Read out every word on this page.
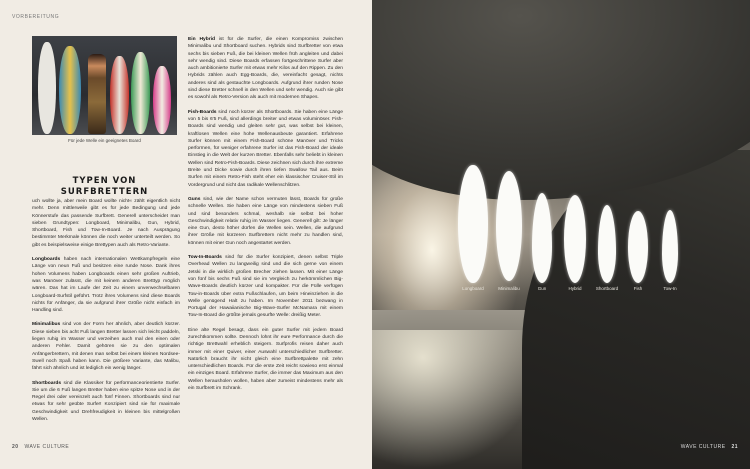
VORBEREITUNG
Für jede Welle ein geeignetes Board
TYPEN VON
SURFBRETTERN

uch wollte ja, aber mein Board wollte nicht« zählt eigentlich nicht mehr. Denn mittlerweile gibt es für jede Bedingung und jede Könnerstufe das passende Surfbrett. Generell unterscheidet man sieben Grundtypen: Longboard, Minimalibu, Gun, Hybrid, Shortboard, Fish und Tow-In-Board. Je nach Ausprägung bestimmter Merkmale können die noch weiter unterteilt werden. So gibt es beispielsweise einige Brettypen auch als Retro-Variante.

Longboards haben nach internationalen Wettkampfregeln eine Länge von neun Fuß und besitzen eine runde Nose. Dank ihres hohen Volumens haben Longboards einen sehr großen Auftrieb, was Manöver zulässt, die mit keinem anderen Bretttyp möglich wären. Das hat im Laufe der Zeit zu einem unverwechselbaren Longboard-Surfstil geführt. Trotz ihres Volumens sind diese Boards nichts für Anfänger, da sie aufgrund ihrer Größe nicht einfach im Handling sind.

Minimalibus sind von der Form her ähnlich, aber deutlich kürzer. Diese sieben bis acht Fuß langen Bretter lassen sich leicht paddeln, liegen ruhig im Wasser und verzeihen auch mal den einen oder anderen Fehler. Damit gehören sie zu den optimalen Anfängerbrettern, mit denen man selbst bei einem kleinen Nordsee-Swell noch Spaß haben kann. Die größere Variante, das Malibu, fährt sich ähnlich und ist lediglich ein wenig länger.

Shortboards sind die Klassiker für performanceorientierte Surfer. Sie um die 6 Fuß langen Bretter haben eine spitze Nose und in der Regel drei oder vereinzelt auch fünf Finnen. Shortboards sind nur etwas für sehr geübte Surfer! Konzipiert sind sie für maximale Geschwindigkeit und Drehfreudigkeit in kleinen bis mittelgroßen Wellen.

Ein Hybrid ist für die Surfer, die einen Kompromiss zwischen Minimalibu und Shortboard suchen. Hybrids sind Surfbretter von etwa sechs bis sieben Fuß, die bei kleinen Wellen früh angleiten und dabei sehr wendig sind. Diese Boards erfassen fortgeschrittene Surfer aber auch ambitionierte Surfer mit etwas mehr Kilos auf den Rippen. Zu den Hybrids zählen auch Egg-Boards, die, vereinfacht gesagt, nichts anderes sind als gestauchte Longboards. Aufgrund ihrer runden Nose sind diese Bretter schnell in den Wellen und sehr wendig. Auch sie gibt es sowohl als Retro-Version als auch mit modernen Shapes.

Fish-Boards sind noch kürzer als Shortboards. Sie haben eine Länge von 5 bis 6'5 Fuß, sind allerdings breiter und etwas voluminöser. Fish-Boards sind wendig und gleiten sehr gut, was selbst bei kleinen, kraftlosen Wellen eine hohe Wellenausbeute garantiert. Erfahrene Surfer können mit einem Fish-Board schöne Manöver und Tricks performen, für weniger erfahrene Surfer ist das Fish-Board der ideale Einstieg in die Welt der kurzen Bretter. Ebenfalls sehr beliebt in kleinen Wellen sind Retro-Fish-Boards. Diese zeichnen sich durch ihre extreme Breite und Dicke sowie durch ihren tiefen Swallow Tail aus. Beim Surfen mit einem Retro-Fish steht eher ein klassischer Cruiser-Stil im Vordergrund und nicht das radikale Wellenschlitzen.

Guns sind, wie der Name schon vermuten lässt, Boards für große schnelle Wellen. Sie haben eine Länge von mindestens sieben Fuß und sind besonders schmal, weshalb sie selbst bei hoher Geschwindigkeit relativ ruhig im Wasser liegen. Generell gilt: Je länger eine Gun, desto höher dürfen die Wellen sein. Wellen, die aufgrund ihrer Größe mit kürzeren Surfbrettern nicht mehr zu handlen sind, können mit einer Gun noch angestartet werden.

Tow-In-Boards sind für die Surfer konzipiert, denen selbst Triple Overhead Wellen zu langweilig sind und die sich gerne von einem Jetski in die wirklich großen Brecher ziehen lassen. Mit einer Länge von fünf bis sechs Fuß sind sie im Vergleich zu herkömmlichen Big-Wave-Boards deutlich kürzer und kompakter. Für die Fülle verfügen Tow-in-Boards über extra Fußschlaufen, um beim Hineinziehen in die Welle genügend Halt zu haben. Im November 2011 bezwang in Portugal der Hawaiianische Big-Wave-Surfer McNamara mit einem Tow-In-Board die größte jemals gesurfte Welle: dreißig Meter.

Eine alte Regel besagt, dass ein guter Surfer mit jedem Board zurechtkommen sollte. Dennoch lohnt ihr eure Performance durch die richtige Brettwahl erheblich steigern. Surfprofis reisen daher auch immer mit einer Quiver, einer Auswahl unterschiedlicher Surfbretter. Natürlich braucht ihr nicht gleich eine Surfbrettpalette mit zehn unterschiedlichen Boards. Für die erste Zeit reicht sowieso erst einmal ein einziges Board. Erfahrene Surfer, die immer das Maximum aus den Wellen herausholen wollen, haben aber zumeist mindestens mehr als ein Surfbrett im Schrank.

20 WAVE CULTURE
Longboard	Minimalibu	Gun	Hybrid	Shortboard	Fish	Tow-In
WAVE CULTURE 21
